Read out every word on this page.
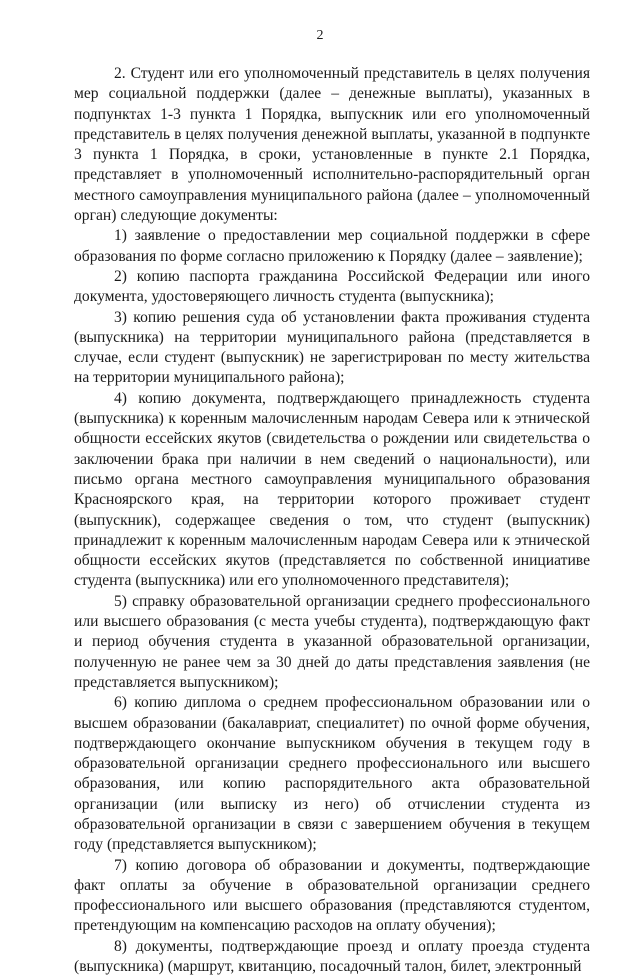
2

2. Студент или его уполномоченный представитель в целях получения мер социальной поддержки (далее – денежные выплаты), указанных в подпунктах 1-3 пункта 1 Порядка, выпускник или его уполномоченный представитель в целях получения денежной выплаты, указанной в подпункте 3 пункта 1 Порядка, в сроки, установленные в пункте 2.1 Порядка, представляет в уполномоченный исполнительно-распорядительный орган местного самоуправления муниципального района (далее – уполномоченный орган) следующие документы:

1) заявление о предоставлении мер социальной поддержки в сфере образования по форме согласно приложению к Порядку (далее – заявление);

2) копию паспорта гражданина Российской Федерации или иного документа, удостоверяющего личность студента (выпускника);

3) копию решения суда об установлении факта проживания студента (выпускника) на территории муниципального района (представляется в случае, если студент (выпускник) не зарегистрирован по месту жительства на территории муниципального района);

4) копию документа, подтверждающего принадлежность студента (выпускника) к коренным малочисленным народам Севера или к этнической общности ессейских якутов (свидетельства о рождении или свидетельства о заключении брака при наличии в нем сведений о национальности), или письмо органа местного самоуправления муниципального образования Красноярского края, на территории которого проживает студент (выпускник), содержащее сведения о том, что студент (выпускник) принадлежит к коренным малочисленным народам Севера или к этнической общности ессейских якутов (представляется по собственной инициативе студента (выпускника) или его уполномоченного представителя);

5) справку образовательной организации среднего профессионального или высшего образования (с места учебы студента), подтверждающую факт и период обучения студента в указанной образовательной организации, полученную не ранее чем за 30 дней до даты представления заявления (не представляется выпускником);

6) копию диплома о среднем профессиональном образовании или о высшем образовании (бакалавриат, специалитет) по очной форме обучения, подтверждающего окончание выпускником обучения в текущем году в образовательной организации среднего профессионального или высшего образования, или копию распорядительного акта образовательной организации (или выписку из него) об отчислении студента из образовательной организации в связи с завершением обучения в текущем году (представляется выпускником);

7) копию договора об образовании и документы, подтверждающие факт оплаты за обучение в образовательной организации среднего профессионального или высшего образования (представляются студентом, претендующим на компенсацию расходов на оплату обучения);

8) документы, подтверждающие проезд и оплату проезда студента (выпускника) (маршрут, квитанцию, посадочный талон, билет, электронный
